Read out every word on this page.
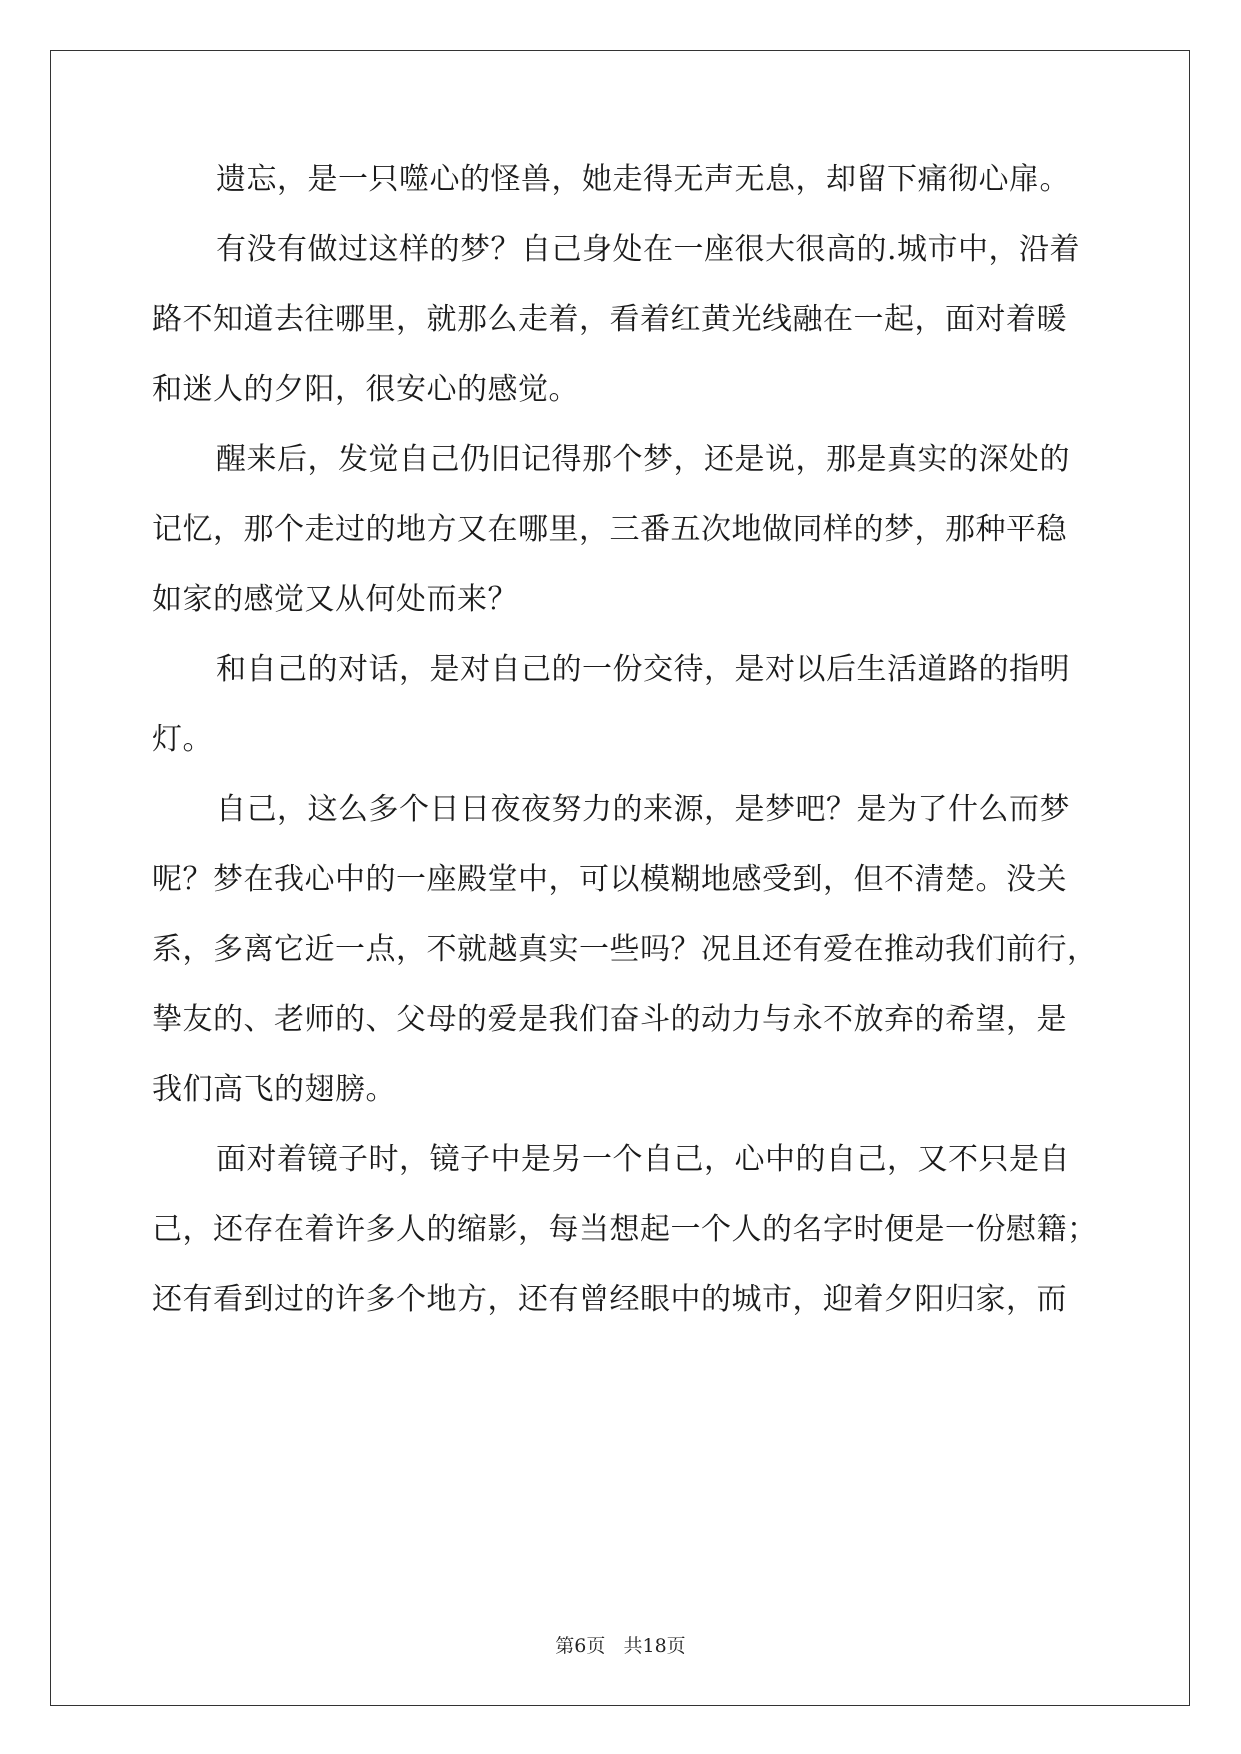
遗忘，是一只噬心的怪兽，她走得无声无息，却留下痛彻心扉。
有没有做过这样的梦？自己身处在一座很大很高的.城市中，沿着
路不知道去往哪里，就那么走着，看着红黄光线融在一起，面对着暖
和迷人的夕阳，很安心的感觉。
醒来后，发觉自己仍旧记得那个梦，还是说，那是真实的深处的
记忆，那个走过的地方又在哪里，三番五次地做同样的梦，那种平稳
如家的感觉又从何处而来？
和自己的对话，是对自己的一份交待，是对以后生活道路的指明
灯。
自己，这么多个日日夜夜努力的来源，是梦吧？是为了什么而梦
呢？梦在我心中的一座殿堂中，可以模糊地感受到，但不清楚。没关
系，多离它近一点，不就越真实一些吗？况且还有爱在推动我们前行，
挚友的、老师的、父母的爱是我们奋斗的动力与永不放弃的希望，是
我们高飞的翅膀。
面对着镜子时，镜子中是另一个自己，心中的自己，又不只是自
己，还存在着许多人的缩影，每当想起一个人的名字时便是一份慰籍；
还有看到过的许多个地方，还有曾经眼中的城市，迎着夕阳归家，而
第6页   共18页
